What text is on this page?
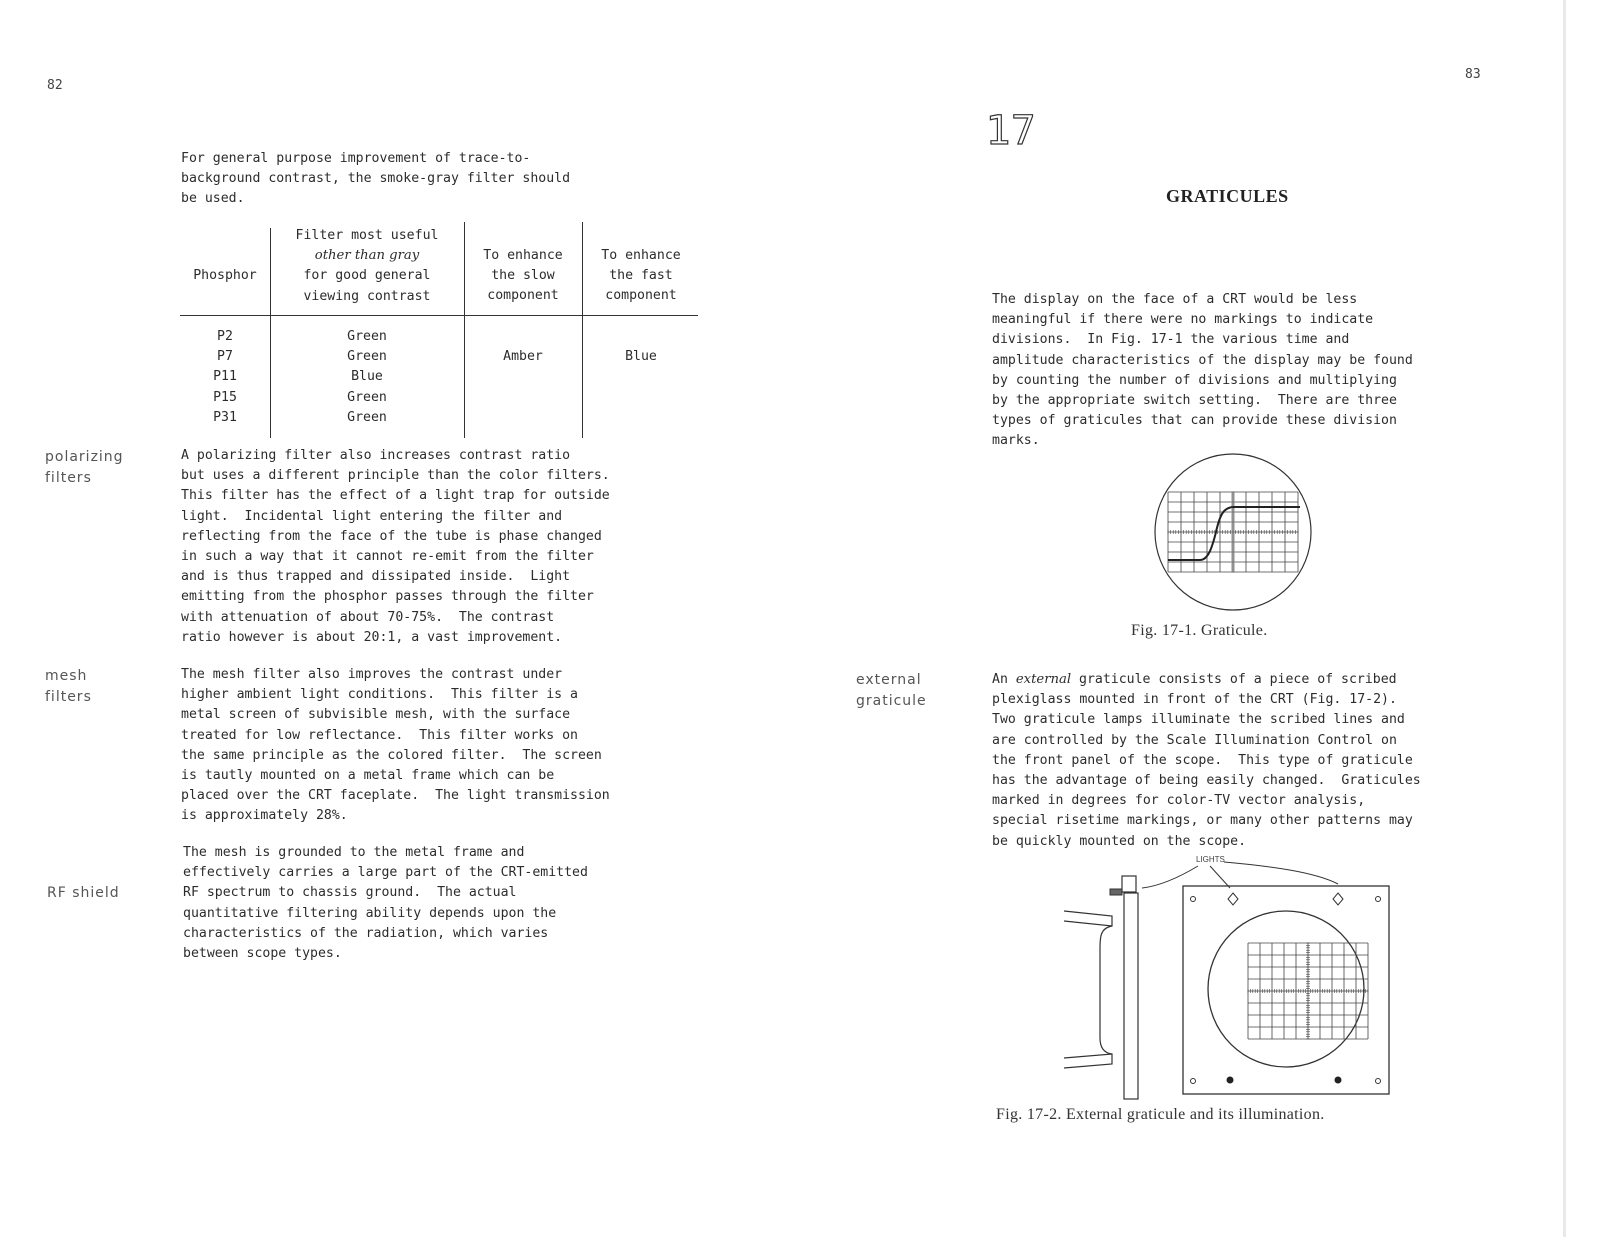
82
For general purpose improvement of trace-to-
background contrast, the smoke-gray filter should
be used.
Phosphor
Filter most useful
other than gray
for good general
viewing contrast
To enhance
the slow
component
To enhance
the fast
component
P2
P7
P11
P15
P31
Green
Green
Blue
Green
Green
Amber	Blue
polarizing
filters
A polarizing filter also increases contrast ratio
but uses a different principle than the color filters.
This filter has the effect of a light trap for outside
light.  Incidental light entering the filter and
reflecting from the face of the tube is phase changed
in such a way that it cannot re-emit from the filter
and is thus trapped and dissipated inside.  Light
emitting from the phosphor passes through the filter
with attenuation of about 70-75%.  The contrast
ratio however is about 20:1, a vast improvement.
mesh
filters
The mesh filter also improves the contrast under
higher ambient light conditions.  This filter is a
metal screen of subvisible mesh, with the surface
treated for low reflectance.  This filter works on
the same principle as the colored filter.  The screen
is tautly mounted on a metal frame which can be
placed over the CRT faceplate.  The light transmission
is approximately 28%.
RF shield
The mesh is grounded to the metal frame and
effectively carries a large part of the CRT-emitted
RF spectrum to chassis ground.  The actual
quantitative filtering ability depends upon the
characteristics of the radiation, which varies
between scope types.
83
17
GRATICULES
The display on the face of a CRT would be less
meaningful if there were no markings to indicate
divisions.  In Fig. 17-1 the various time and
amplitude characteristics of the display may be found
by counting the number of divisions and multiplying
by the appropriate switch setting.  There are three
types of graticules that can provide these division
marks.
Fig. 17-1. Graticule.
external
graticule
An external graticule consists of a piece of scribed
plexiglass mounted in front of the CRT (Fig. 17-2).
Two graticule lamps illuminate the scribed lines and
are controlled by the Scale Illumination Control on
the front panel of the scope.  This type of graticule
has the advantage of being easily changed.  Graticules
marked in degrees for color-TV vector analysis,
special risetime markings, or many other patterns may
be quickly mounted on the scope.
LIGHTS
Fig. 17-2. External graticule and its illumination.
